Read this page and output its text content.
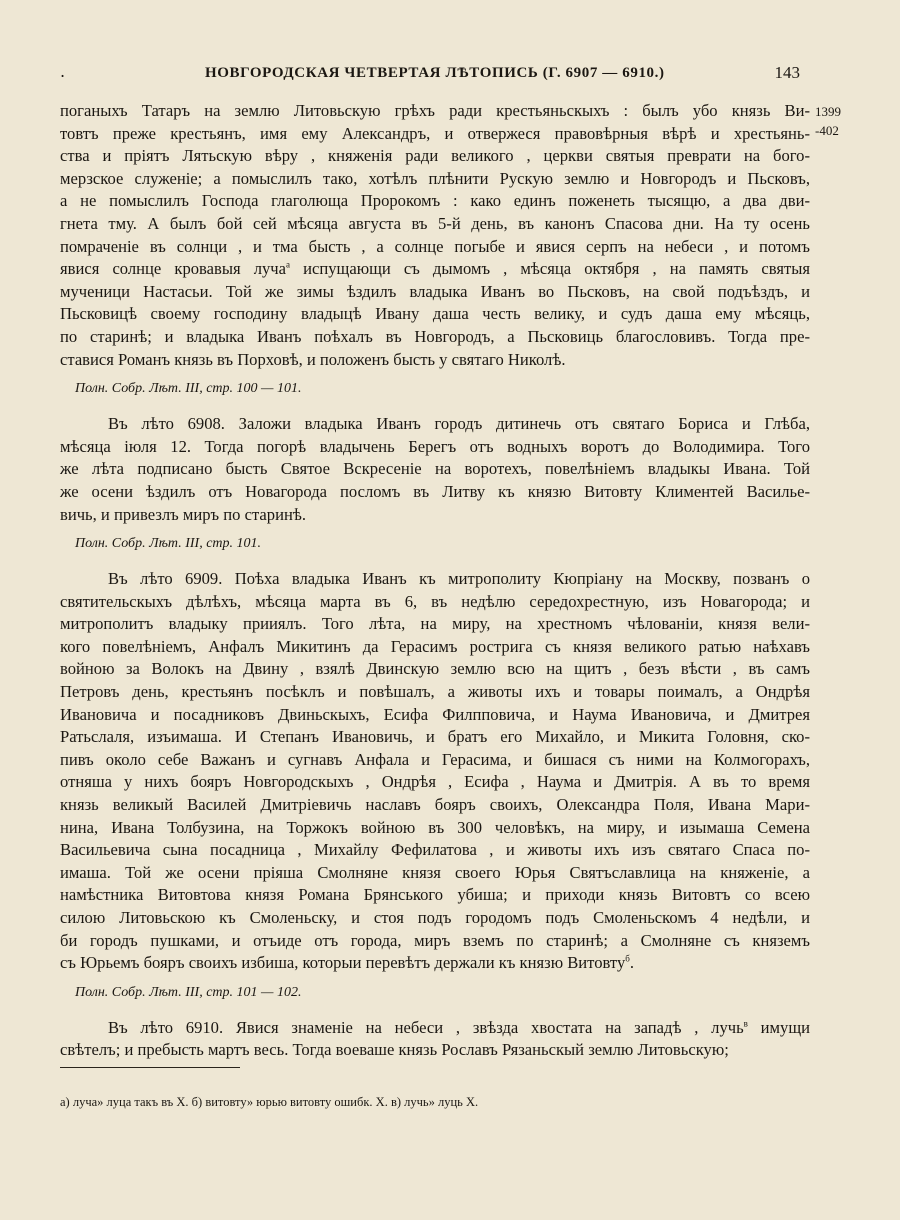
.	НОВГОРОДСКАЯ ЧЕТВЕРТАЯ ЛѢТОПИСЬ (Г. 6907 — 6910.)	143
1399
-402
поганыхъ Татаръ на землю Литовьскую грѣхъ ради крестьяньскыхъ : былъ убо князь Ви-
товтъ преже крестьянъ, имя ему Александръ, и отвержеся правовѣрныя вѣрѣ и хрестьянь-
ства и прiятъ Лятьскую вѣру , княженiя ради великого , церкви святыя преврати на бого-
мерзское служенiе; а помыслилъ тако, хотѣлъ плѣнити Рускую землю и Новгородъ и Пьсковъ,
а не помыслилъ Господа глаголюща Пророкомъ : како единъ поженеть тысящю, а два дви-
гнета тму. А былъ бой сей мѣсяца августа въ 5-й день, въ канонъ Спасова дни. На ту осень
помраченiе въ солнци , и тма бысть , а солнце погыбе и явися серпъ на небеси , и потомъ
явися солнце кровавыя луча$^а$ испущающи съ дымомъ , мѣсяца октября , на память святыя
мученици Настасьи. Той же зимы ѣздилъ владыка Иванъ во Пьсковъ, на свой подъѣздъ, и
Пьсковицѣ своему господину владыцѣ Ивану даша честь велику, и судъ даша ему мѣсяць,
по старинѣ; и владыка Иванъ поѣхалъ въ Новгородъ, а Пьсковиць благословивъ. Тогда пре-
ставися Романъ князь въ Порховѣ, и положенъ бысть у святаго Николѣ.
Полн. Собр. Лѣт. III, стр. 100 — 101.
Въ лѣто 6908. Заложи владыка Иванъ городъ дитинечь отъ святаго Бориса и Глѣба,
мѣсяца iюля 12. Тогда погорѣ владычень Берегъ отъ водныхъ воротъ до Володимира. Того
же лѣта подписано бысть Святое Вскресенiе на воротехъ, повелѣнiемъ владыкы Ивана. Той
же осени ѣздилъ отъ Новагорода посломъ въ Литву къ князю Витовту Климентей Василье-
вичь, и привезлъ миръ по старинѣ.
Полн. Собр. Лѣт. III, стр. 101.
Въ лѣто 6909. Поѣха владыка Иванъ къ митрополиту Кюпрiану на Москву, позванъ о
святительскыхъ дѣлѣхъ, мѣсяца марта въ 6, въ недѣлю середохрестную, изъ Новагорода; и
митрополитъ владыку прииялъ. Того лѣта, на миру, на хрестномъ чѣлованiи, князя вели-
кого повелѣнiемъ, Анфалъ Микитинъ да Герасимъ рострига съ князя великого ратью наѣхавъ
войною за Волокъ на Двину , взялѣ Двинскую землю всю на щитъ , безъ вѣсти , въ самъ
Петровъ день, крестьянъ посѣклъ и повѣшалъ, а животы ихъ и товары поималъ, а Ондрѣя
Ивановича и посадниковъ Двиньскыхъ, Есифа Филпповича, и Наума Ивановича, и Дмитрея
Ратьслаля, изъимаша. И Степанъ Ивановичь, и братъ его Михайло, и Микита Головня, ско-
пивъ около себе Важанъ и сугнавъ Анфала и Герасима, и бишася съ ними на Колмогорахъ,
отняша у нихъ бояръ Новгородскыхъ , Ондрѣя , Есифа , Наума и Дмитрiя. А въ то время
князь великый Василей Дмитрiевичь наславъ бояръ своихъ, Олександра Поля, Ивана Мари-
нина, Ивана Толбузина, на Торжокъ войною въ 300 человѣкъ, на миру, и изымаша Семена
Васильевича сына посадница , Михайлу Фефилатова , и животы ихъ изъ святаго Спаса по-
имаша. Той же осени прiяша Смолняне князя своего Юрья Святъславлица на княженiе, а
намѣстника Витовтова князя Романа Брянського убиша; и приходи князь Витовтъ со всею
силою Литовьскою къ Смоленьску, и стоя подъ городомъ подъ Смоленьскомъ 4 недѣли, и
би городъ пушками, и отъиде отъ города, миръ вземъ по старинѣ; а Смолняне съ княземъ
съ Юрьемъ бояръ своихъ избиша, которыи перевѣтъ держали къ князю Витовту$^б$.
Полн. Собр. Лѣт. III, стр. 101 — 102.
Въ лѣто 6910. Явися знаменiе на небеси , звѣзда хвостата на западѣ , лучь$^в$ имущи
свѣтелъ; и пребысть мартъ весь. Тогда воеваше князь Рославъ Рязаньскый землю Литовьскую;
а) луча» луца такъ въ X. б) витовту» юрью витовту ошибк. X. в) лучь» луць X.
